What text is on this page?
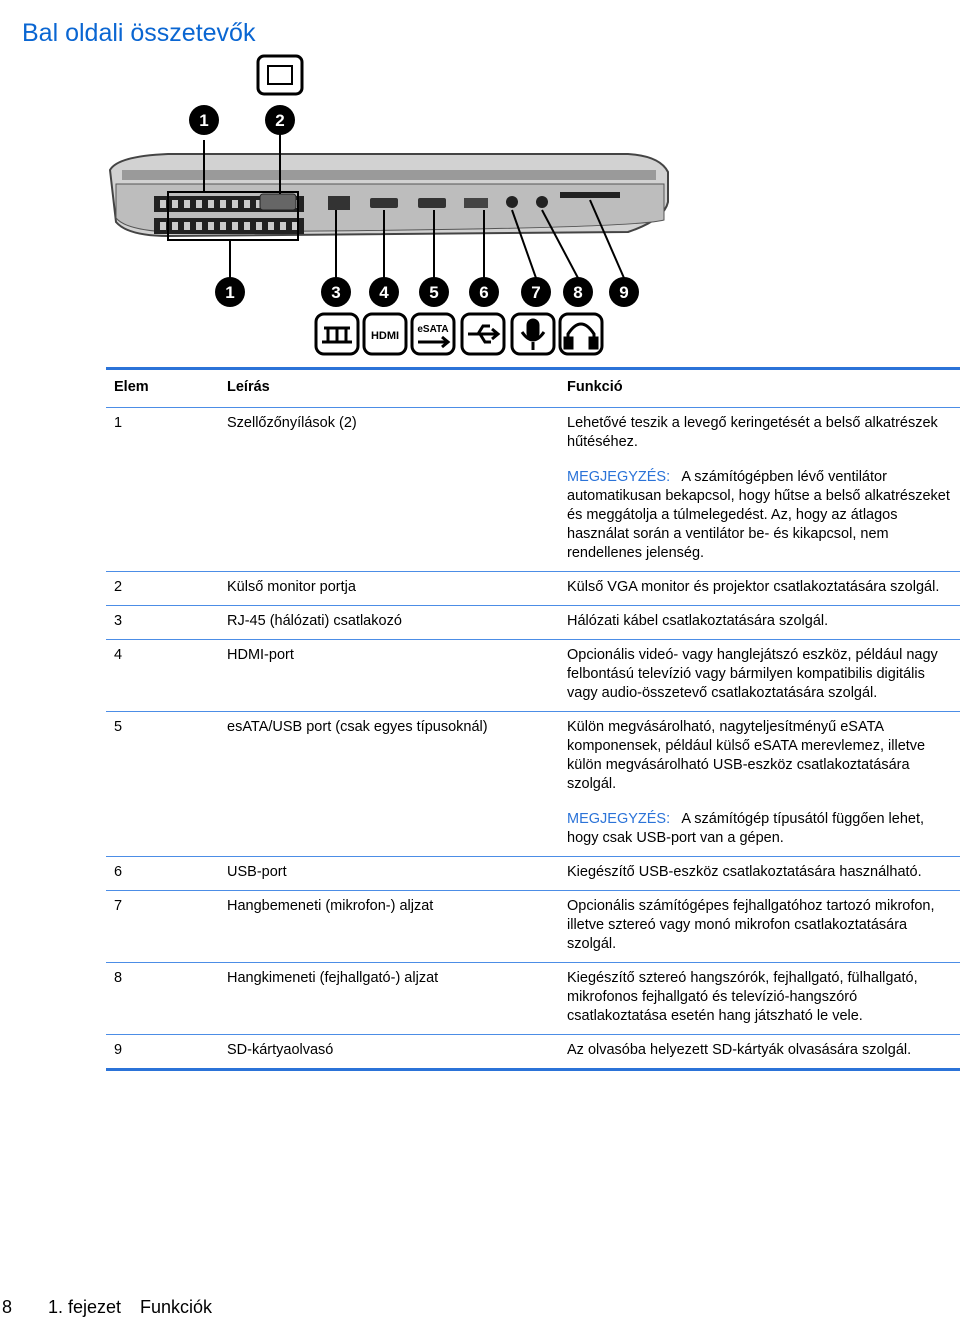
Bal oldali összetevők
1	2
1	3 4 5 6	7 8 9
HDMI
eSATA
Elem	Leírás	Funkció
1	Szellőzőnyílások (2)	Lehetővé teszik a levegő keringetését a belső alkatrészek hűtéséhez.
MEGJEGYZÉS: A számítógépben lévő ventilátor automatikusan bekapcsol, hogy hűtse a belső alkatrészeket és meggátolja a túlmelegedést. Az, hogy az átlagos használat során a ventilátor be- és kikapcsol, nem rendellenes jelenség.
2	Külső monitor portja	Külső VGA monitor és projektor csatlakoztatására szolgál.
3	RJ-45 (hálózati) csatlakozó	Hálózati kábel csatlakoztatására szolgál.
4	HDMI-port	Opcionális videó- vagy hanglejátszó eszköz, például nagy felbontású televízió vagy bármilyen kompatibilis digitális vagy audio-összetevő csatlakoztatására szolgál.
5	esATA/USB port (csak egyes típusoknál)	Külön megvásárolható, nagyteljesítményű eSATA komponensek, például külső eSATA merevlemez, illetve külön megvásárolható USB-eszköz csatlakoztatására szolgál.
MEGJEGYZÉS: A számítógép típusától függően lehet, hogy csak USB-port van a gépen.
6	USB-port	Kiegészítő USB-eszköz csatlakoztatására használható.
7	Hangbemeneti (mikrofon-) aljzat	Opcionális számítógépes fejhallgatóhoz tartozó mikrofon, illetve sztereó vagy monó mikrofon csatlakoztatására szolgál.
8	Hangkimeneti (fejhallgató-) aljzat	Kiegészítő sztereó hangszórók, fejhallgató, fülhallgató, mikrofonos fejhallgató és televízió-hangszóró csatlakoztatása esetén hang játszható le vele.
9	SD-kártyaolvasó	Az olvasóba helyezett SD-kártyák olvasására szolgál.
8 1. fejezet Funkciók
